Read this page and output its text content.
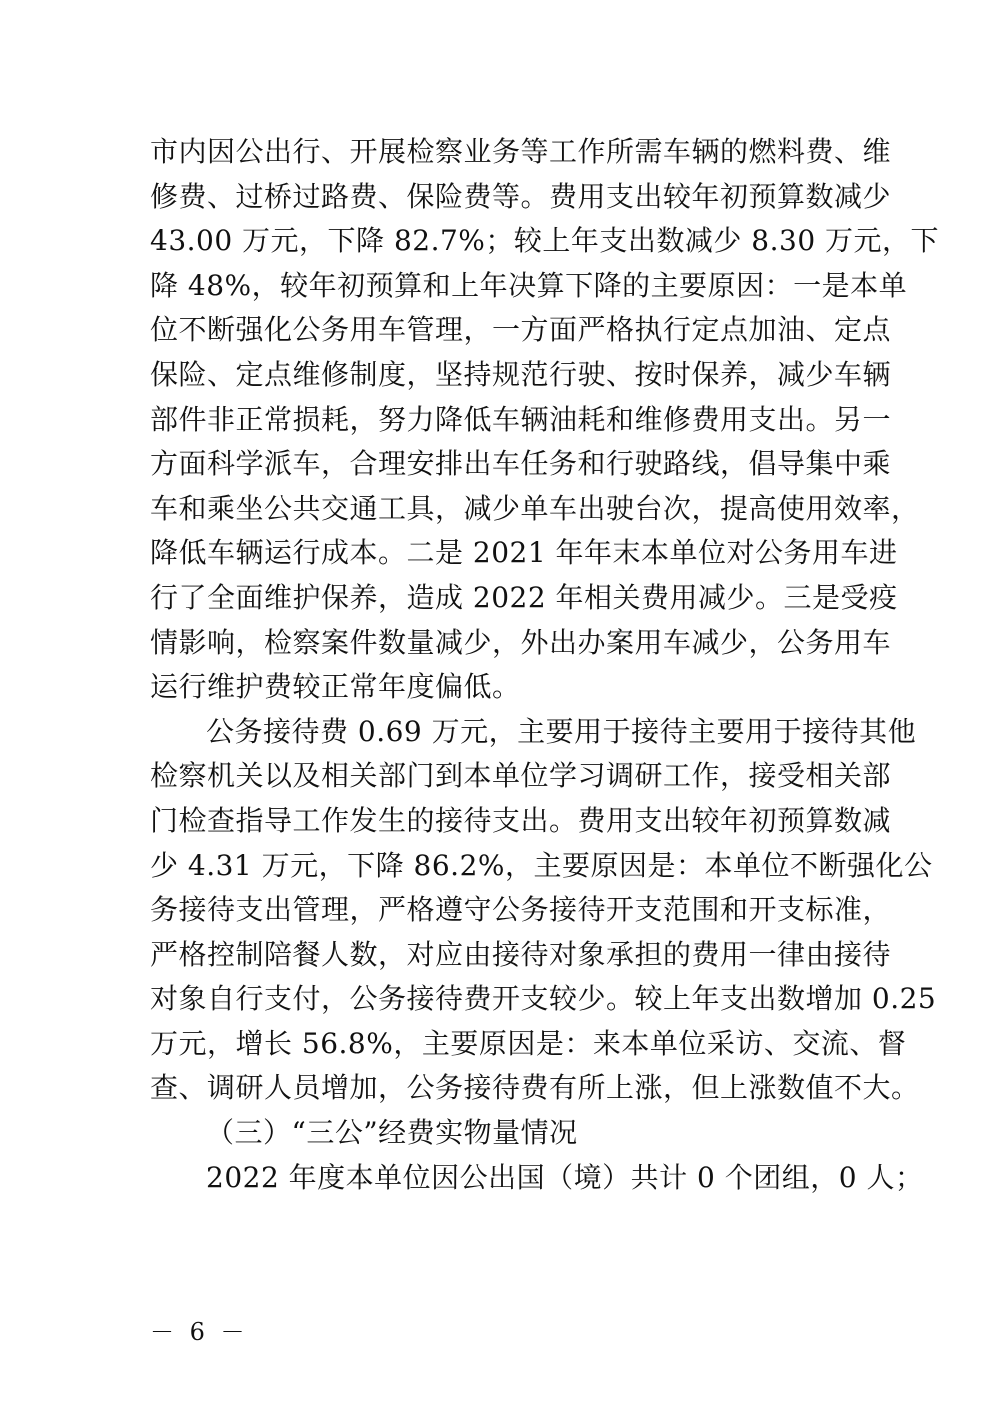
市内因公出行、开展检察业务等工作所需车辆的燃料费、维
修费、过桥过路费、保险费等。费用支出较年初预算数减少
43.00 万元，下降 82.7%；较上年支出数减少 8.30 万元，下
降 48%，较年初预算和上年决算下降的主要原因：一是本单
位不断强化公务用车管理，一方面严格执行定点加油、定点
保险、定点维修制度，坚持规范行驶、按时保养，减少车辆
部件非正常损耗，努力降低车辆油耗和维修费用支出。另一
方面科学派车，合理安排出车任务和行驶路线，倡导集中乘
车和乘坐公共交通工具，减少单车出驶台次，提高使用效率，
降低车辆运行成本。二是 2021 年年末本单位对公务用车进
行了全面维护保养，造成 2022 年相关费用减少。三是受疫
情影响，检察案件数量减少，外出办案用车减少，公务用车
运行维护费较正常年度偏低。
公务接待费 0.69 万元，主要用于接待主要用于接待其他
检察机关以及相关部门到本单位学习调研工作，接受相关部
门检查指导工作发生的接待支出。费用支出较年初预算数减
少 4.31 万元，下降 86.2%，主要原因是：本单位不断强化公
务接待支出管理，严格遵守公务接待开支范围和开支标准，
严格控制陪餐人数，对应由接待对象承担的费用一律由接待
对象自行支付，公务接待费开支较少。较上年支出数增加 0.25
万元，增长 56.8%，主要原因是：来本单位采访、交流、督
查、调研人员增加，公务接待费有所上涨，但上涨数值不大。
（三）“三公”经费实物量情况
2022 年度本单位因公出国（境）共计 0 个团组，0 人；
－ 6 －
